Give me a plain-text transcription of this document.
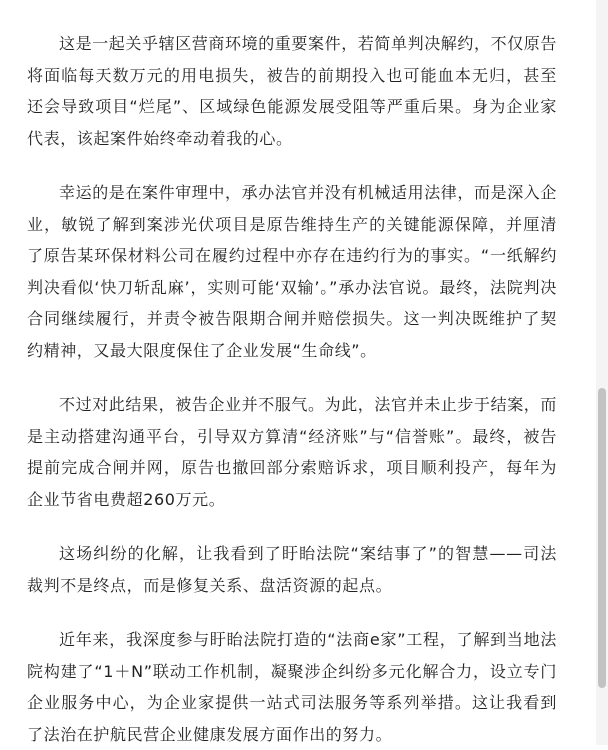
这是一起关乎辖区营商环境的重要案件，若简单判决解约，不仅原告将面临每天数万元的用电损失，被告的前期投入也可能血本无归，甚至还会导致项目“烂尾”、区域绿色能源发展受阻等严重后果。身为企业家代表，该起案件始终牵动着我的心。

幸运的是在案件审理中，承办法官并没有机械适用法律，而是深入企业，敏锐了解到案涉光伏项目是原告维持生产的关键能源保障，并厘清了原告某环保材料公司在履约过程中亦存在违约行为的事实。“一纸解约判决看似‘快刀斩乱麻’，实则可能‘双输’。”承办法官说。最终，法院判决合同继续履行，并责令被告限期合闸并赔偿损失。这一判决既维护了契约精神，又最大限度保住了企业发展“生命线”。

不过对此结果，被告企业并不服气。为此，法官并未止步于结案，而是主动搭建沟通平台，引导双方算清“经济账”与“信誉账”。最终，被告提前完成合闸并网，原告也撤回部分索赔诉求，项目顺利投产，每年为企业节省电费超260万元。

这场纠纷的化解，让我看到了盱眙法院“案结事了”的智慧——司法裁判不是终点，而是修复关系、盘活资源的起点。

近年来，我深度参与盱眙法院打造的“法商e家”工程，了解到当地法院构建了“1＋N”联动工作机制，凝聚涉企纠纷多元化解合力，设立专门企业服务中心，为企业家提供一站式司法服务等系列举措。这让我看到了法治在护航民营企业健康发展方面作出的努力。
